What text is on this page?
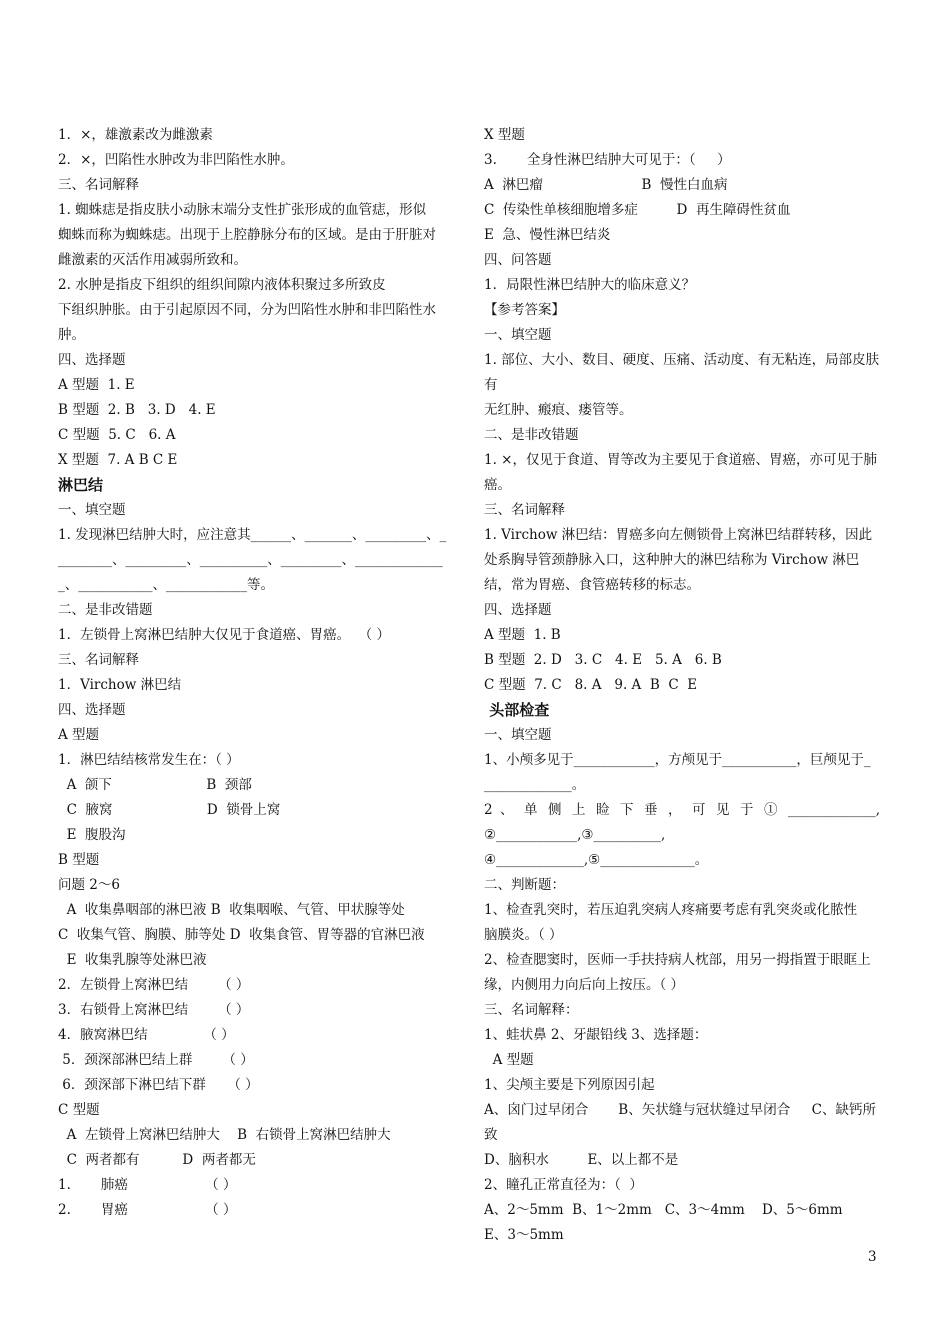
1．×，雄激素改为雌激素
2．×，凹陷性水肿改为非凹陷性水肿。
三、名词解释
1. 蜘蛛痣是指皮肤小动脉末端分支性扩张形成的血管痣，形似
蜘蛛而称为蜘蛛痣。出现于上腔静脉分布的区域。是由于肝脏对
雌激素的灭活作用减弱所致和。
2. 水肿是指皮下组织的组织间隙内液体积聚过多所致皮
下组织肿胀。由于引起原因不同，分为凹陷性水肿和非凹陷性水
肿。
四、选择题
A 型题  1. E
B 型题  2. B   3. D   4. E
C 型题  5. C   6. A
X 型题  7. A B C E
淋巴结
一、填空题
1. 发现淋巴结肿大时，应注意其______、_______、_________、_
________、_________、__________、_________、_____________
_、___________、____________等。
二、是非改错题
1．左锁骨上窝淋巴结肿大仅见于食道癌、胃癌。  （ ）
三、名词解释
1．Virchow 淋巴结
四、选择题
A 型题
1．淋巴结结核常发生在：（ ）
A  颌下                      B  颈部
C  腋窝                      D  锁骨上窝
E  腹股沟
B 型题
问题 2～6
A  收集鼻咽部的淋巴液 B  收集咽喉、气管、甲状腺等处
C  收集气管、胸膜、肺等处 D  收集食管、胃等器的官淋巴液
E  收集乳腺等处淋巴液
2．左锁骨上窝淋巴结       （ ）
3．右锁骨上窝淋巴结       （ ）
4．腋窝淋巴结             （ ）
5．颈深部淋巴结上群       （ ）
6．颈深部下淋巴结下群     （ ）
C 型题
A  左锁骨上窝淋巴结肿大    B  右锁骨上窝淋巴结肿大
C  两者都有          D  两者都无
1.       肺癌                  （ ）
2.       胃癌                  （ ）
X 型题
3.       全身性淋巴结肿大可见于：（     ）
A  淋巴瘤                       B  慢性白血病
C  传染性单核细胞增多症         D  再生障碍性贫血
E  急、慢性淋巴结炎
四、问答题
1．局限性淋巴结肿大的临床意义？
【参考答案】
一、填空题
1. 部位、大小、数目、硬度、压痛、活动度、有无粘连，局部皮肤有
无红肿、瘢痕、瘘管等。
二、是非改错题
1. ×，仅见于食道、胃等改为主要见于食道癌、胃癌，亦可见于肺
癌。
三、名词解释
1. Virchow 淋巴结：胃癌多向左侧锁骨上窝淋巴结群转移，因此
处系胸导管颈静脉入口，这种肿大的淋巴结称为 Virchow 淋巴
结，常为胃癌、食管癌转移的标志。
四、选择题
A 型题  1. B
B 型题  2. D   3. C   4. E   5. A   6. B
C 型题  7. C   8. A   9. A  B  C  E
头部检查
一、填空题
1、小颅多见于____________，方颅见于___________，巨颅见于_
_____________。
2 、 单 侧 上 睑 下 垂 ， 可 见 于 ① _____________,
②____________,③__________,
④_____________,⑤______________。
二、判断题：
1、检查乳突时，若压迫乳突病人疼痛要考虑有乳突炎或化脓性
脑膜炎。（ ）
2、检查腮窦时，医师一手扶持病人枕部，用另一拇指置于眼眶上
缘，内侧用力向后向上按压。（ ）
三、名词解释：
1、蛙状鼻 2、牙龈铅线 3、选择题：
A 型题
1、尖颅主要是下列原因引起
A、囟门过早闭合       B、矢状缝与冠状缝过早闭合     C、缺钙所
致
D、脑积水         E、以上都不是
2、瞳孔正常直径为：（  ）
A、2～5mm  B、1～2mm   C、3～4mm    D、5～6mm
E、3～5mm
3
